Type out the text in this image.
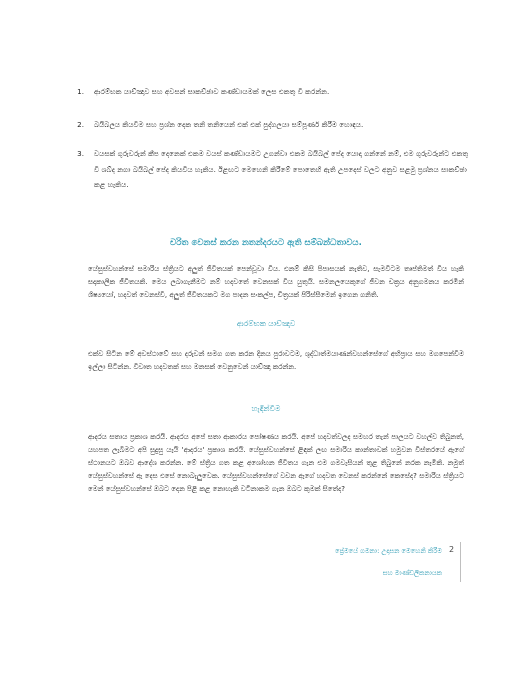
1. ආරම්භක යාච්ඤාව සහ අවසන් සාකච්ඡාව කණ්ඩායමක් ලෙස එකතු වී කරන්න.
2. බයිබලය කියවීම සහ ප්‍රශ්න දෙක තනි තනියෙන් එක් එක් පුද්ගලයා සම්පූර්ණ කිරීම හොඳය.
3. වයසක් ගුරුවරුන් කීප දෙනෙක් එකම වයස් කණ්ඩායමට උගන්වා එකම බයිබල් පේද යොදා ගන්නේ නම්, එම ගුරුවරුන්ට එකතු වී ශබ්ද නගා බයිබල් පේද කියවිය හැකිය. ඊළඟට මෙහෙනි කිරීමේ පොතෙහි ඇති උපදෙස් වලට අනුව සළමු ප්‍රශ්නය සාකච්ඡා කළ හැකිය.
චරිත වෙනස් කරන නතන්දරයට ඇති සම්බන්ධතාවය.

යේසුස්වහන්සේ සමාරිය ස්ත්‍රියට අලුත් ජීවිතයක් පෙන්වූවා විය. එනම් කිසි පිපාසයක් නැතිව, සැමවිටම තෘප්තිමත් විය හැකි සදාකාලික ජීවිතයකි. මෙය ලබාගැනීමට නම් හදවතේ වෙනසක් විය යුතුයි. සමනලයෙකුගේ ජීවන චක්‍රය අනුගමනය කරමින් ශිෂ්‍යයෝ, හදවත් වෙනස්වී, අලුත් ජීවිතයකට මග පාදන සංකල්ප, චිත්‍රයක් පිරිස්සීමෙන් ඉගෙන ගනිති.

ආරම්භක යාච්ඤාව

එක්ව සිටින මේ අවස්ථාවේ සහ දරුවන් සමග ගත කරන දිනය පුරාවටම, ශුද්ධාත්මයාණන්වහන්සේගේ අභිප්‍රාය සහ මගපෙන්වීම ඉල්ලා සිටින්න. විවෘත හදවතක් සහ මනසක් වෙනුවෙන් යාච්ඤා කරන්න.

හැඳින්වීම

ආදරය සතාය ප්‍රකාශ කරයි. ආදරය අපේ සතා ආකාරය පෝෂණය කරයි. අපේ හදවත්වලද සමහර තැන් පාලයට වහල්ව තිබුනත්, යහපත ලැබීමට අපි සුදුසු යැයි 'ආදරය' ප්‍රකාශ කරයි. යේසුස්වහන්සේ ළිඳක් ලඟ සමාරිය කාන්තාවක් හමුවන විස්තරයේ ඇගේ ස්ථානයට ඔබව ආදේශ කරන්න. මේ ස්ත්‍රිය ගත කළ අශෝභන ජීවිතය ගැන එම ගමවැසියන් තුළ තිබුනේ නරක නැමිකි. නමුත් යේසුස්වහන්සේ ඇ දෙස එසේ නොබැලුවෙක. යේසුස්වහන්සේගේ වචන ඇගේ හදවත වෙනස් කරන්නේ කෙසේද? සමාරිය ස්ත්‍රියට මෙන් යේසුස්වහන්සේ ඔබට දෙන පිළි කළ නොහැකි වටිනාකම ගැන ඔබට කුමක් සිතේද?

ප්‍රේමයේ ගමනා: උදාසන මෙහෙනි කිරීම
සහ මාණ්ඩලිකනායක
2
